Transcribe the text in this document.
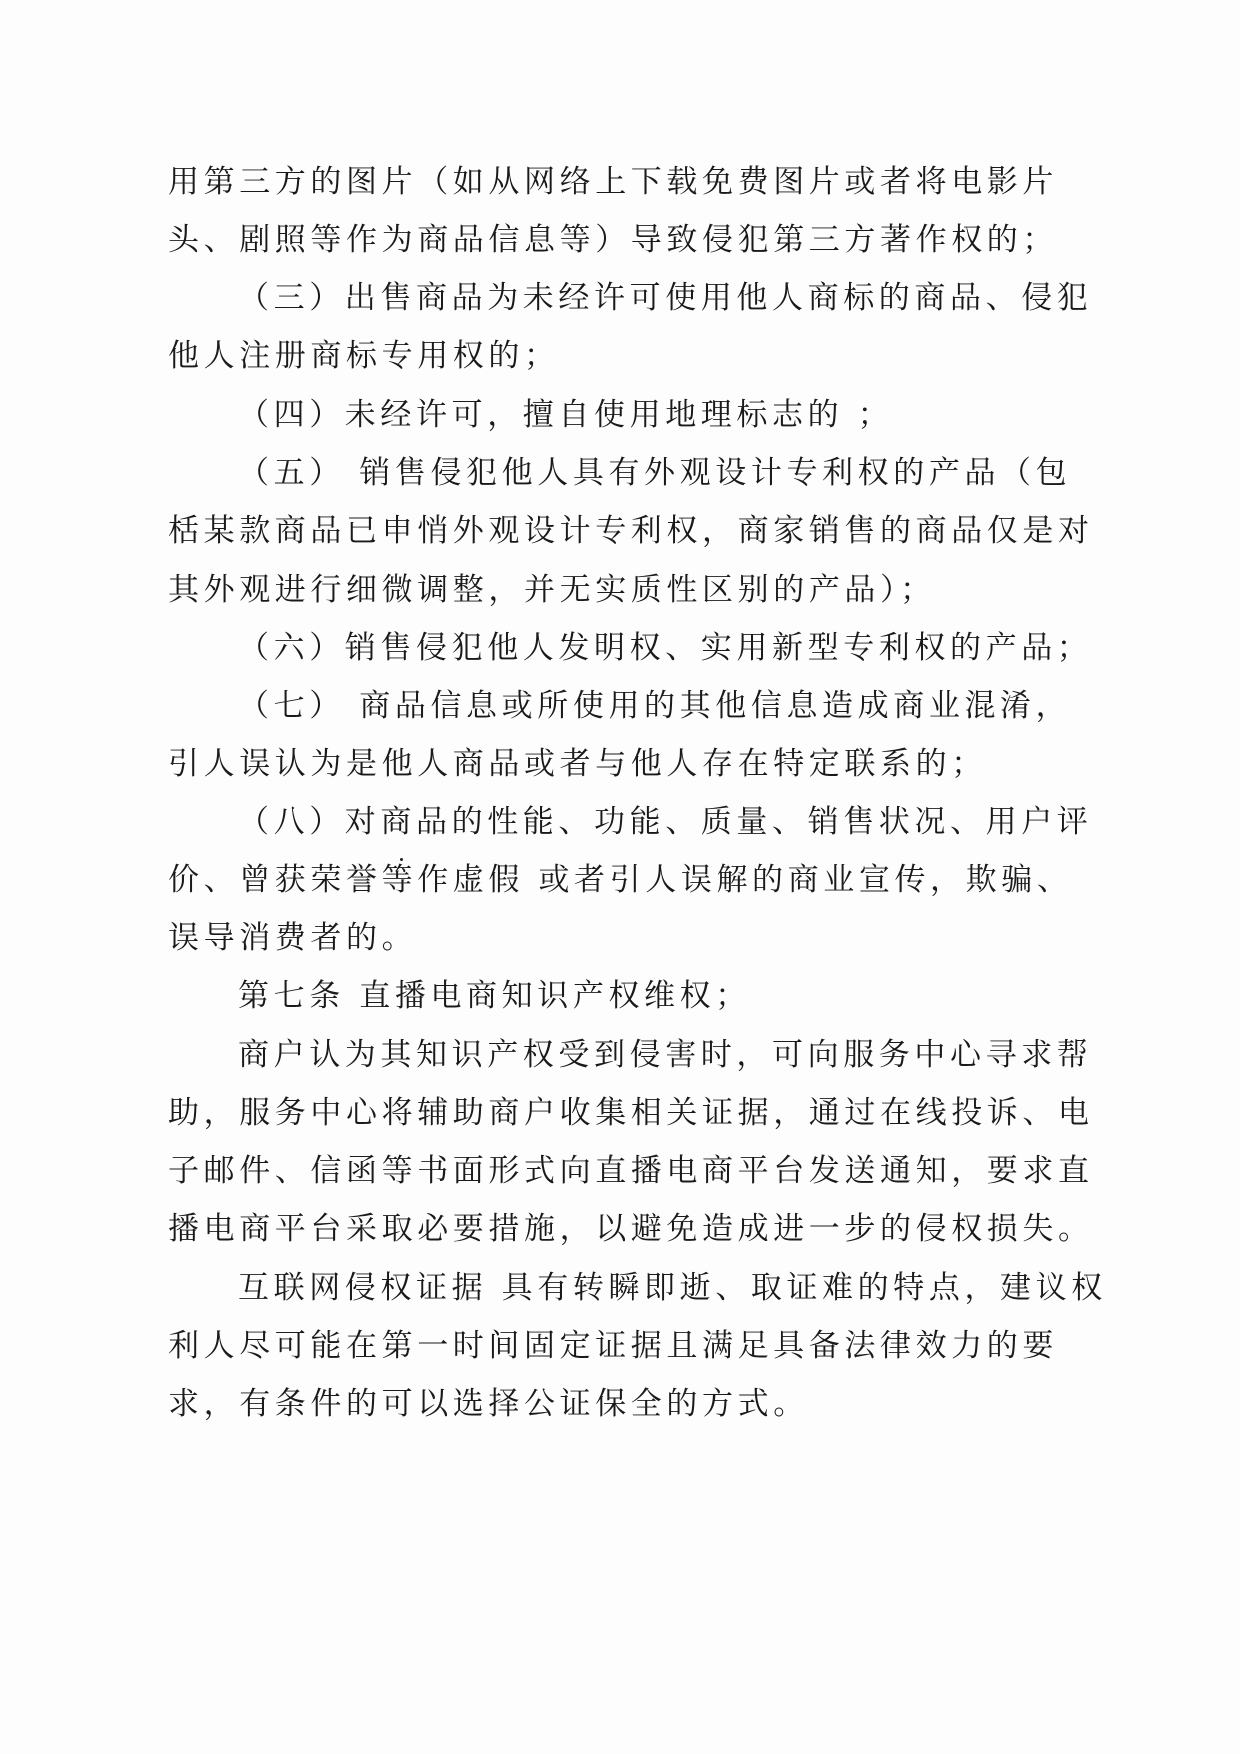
用第三方的图片（如从网络上下载免费图片或者将电影片
头、剧照等作为商品信息等）导致侵犯第三方著作权的；
（三）出售商品为未经许可使用他人商标的商品、侵犯
他人注册商标专用权的；
（四）未经许可，擅自使用地理标志的 ；
（五） 销售侵犯他人具有外观设计专利权的产品（包
栝某款商品已申悄外观设计专利权，商家销售的商品仅是对
其外观进行细微调整，并无实质性区别的产品）；
（六）销售侵犯他人发明权、实用新型专利权的产品；
（七） 商品信息或所使用的其他信息造成商业混淆，
引人误认为是他人商品或者与他人存在特定联系的；
（八）对商品的性能、功能、质量、销售状况、用户评
价、曾获荣誉等作虚假 或者引人误解的商业宣传，欺骗、
误导消费者的。
第七条 直播电商知识产权维权；
商户认为其知识产权受到侵害时，可向服务中心寻求帮
助，服务中心将辅助商户收集相关证据，通过在线投诉、电
子邮件、信函等书面形式向直播电商平台发送通知，要求直
播电商平台采取必要措施，以避免造成进一步的侵权损失。
互联网侵权证据 具有转瞬即逝、取证难的特点，建议权
利人尽可能在第一时间固定证据且满足具备法律效力的要
求，有条件的可以选择公证保全的方式。
